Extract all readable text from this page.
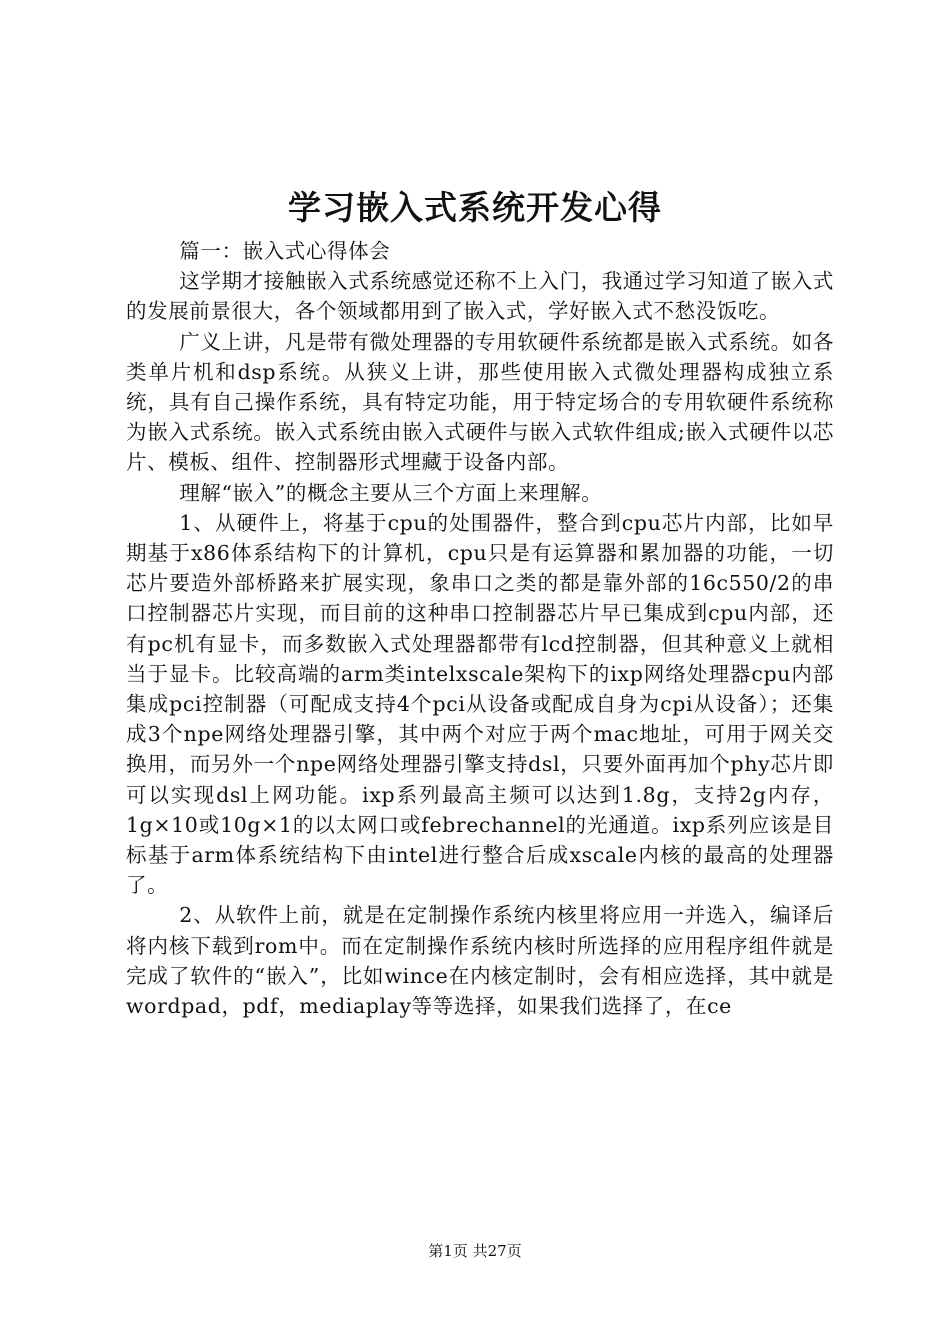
学习嵌入式系统开发心得

篇一：嵌入式心得体会

这学期才接触嵌入式系统感觉还称不上入门，我通过学习知道了嵌入式的发展前景很大，各个领域都用到了嵌入式，学好嵌入式不愁没饭吃。

广义上讲，凡是带有微处理器的专用软硬件系统都是嵌入式系统。如各类单片机和dsp系统。从狭义上讲，那些使用嵌入式微处理器构成独立系统，具有自己操作系统，具有特定功能，用于特定场合的专用软硬件系统称为嵌入式系统。嵌入式系统由嵌入式硬件与嵌入式软件组成;嵌入式硬件以芯片、模板、组件、控制器形式埋藏于设备内部。

理解“嵌入”的概念主要从三个方面上来理解。

1、从硬件上，将基于cpu的处围器件，整合到cpu芯片内部，比如早期基于x86体系结构下的计算机，cpu只是有运算器和累加器的功能，一切芯片要造外部桥路来扩展实现，象串口之类的都是靠外部的16c550/2的串口控制器芯片实现，而目前的这种串口控制器芯片早已集成到cpu内部，还有pc机有显卡，而多数嵌入式处理器都带有lcd控制器，但其种意义上就相当于显卡。比较高端的arm类intelxscale架构下的ixp网络处理器cpu内部集成pci控制器（可配成支持4个pci从设备或配成自身为cpi从设备）；还集成3个npe网络处理器引擎，其中两个对应于两个mac地址，可用于网关交换用，而另外一个npe网络处理器引擎支持dsl，只要外面再加个phy芯片即可以实现dsl上网功能。ixp系列最高主频可以达到1.8g，支持2g内存，1g×10或10g×1的以太网口或febrechannel的光通道。ixp系列应该是目标基于arm体系统结构下由intel进行整合后成xscale内核的最高的处理器了。

2、从软件上前，就是在定制操作系统内核里将应用一并选入，编译后将内核下载到rom中。而在定制操作系统内核时所选择的应用程序组件就是完成了软件的“嵌入”，比如wince在内核定制时，会有相应选择，其中就是wordpad，pdf，mediaplay等等选择，如果我们选择了，在ce

第1页 共27页
